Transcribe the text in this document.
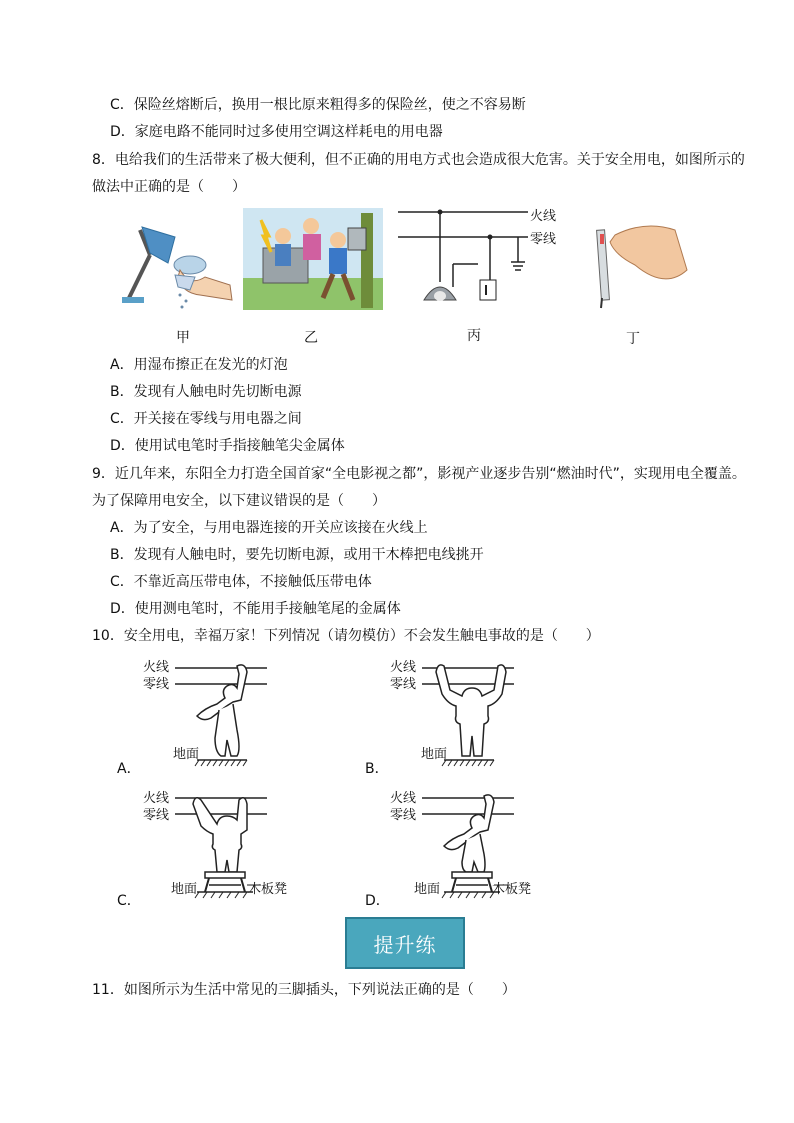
C．保险丝熔断后，换用一根比原来粗得多的保险丝，使之不容易断
D．家庭电路不能同时过多使用空调这样耗电的用电器
8．电给我们的生活带来了极大便利，但不正确的用电方式也会造成很大危害。关于安全用电，如图所示的
做法中正确的是（　　）
甲	乙
火线
零线
丙	丁
A．用湿布擦正在发光的灯泡
B．发现有人触电时先切断电源
C．开关接在零线与用电器之间
D．使用试电笔时手指接触笔尖金属体
9．近几年来，东阳全力打造全国首家“全电影视之都”，影视产业逐步告别“燃油时代”，实现用电全覆盖。
为了保障用电安全，以下建议错误的是（　　）
A．为了安全，与用电器连接的开关应该接在火线上
B．发现有人触电时，要先切断电源，或用干木棒把电线挑开
C．不靠近高压带电体，不接触低压带电体
D．使用测电笔时，不能用手接触笔尾的金属体
10．安全用电，幸福万家！下列情况（请勿模仿）不会发生触电事故的是（　　）
火线
零线
地面
A．
火线
零线
地面
B．
火线
零线
地面	木板凳
C．
火线
零线
地面	木板凳
D．
提升练
11．如图所示为生活中常见的三脚插头，下列说法正确的是（　　）
